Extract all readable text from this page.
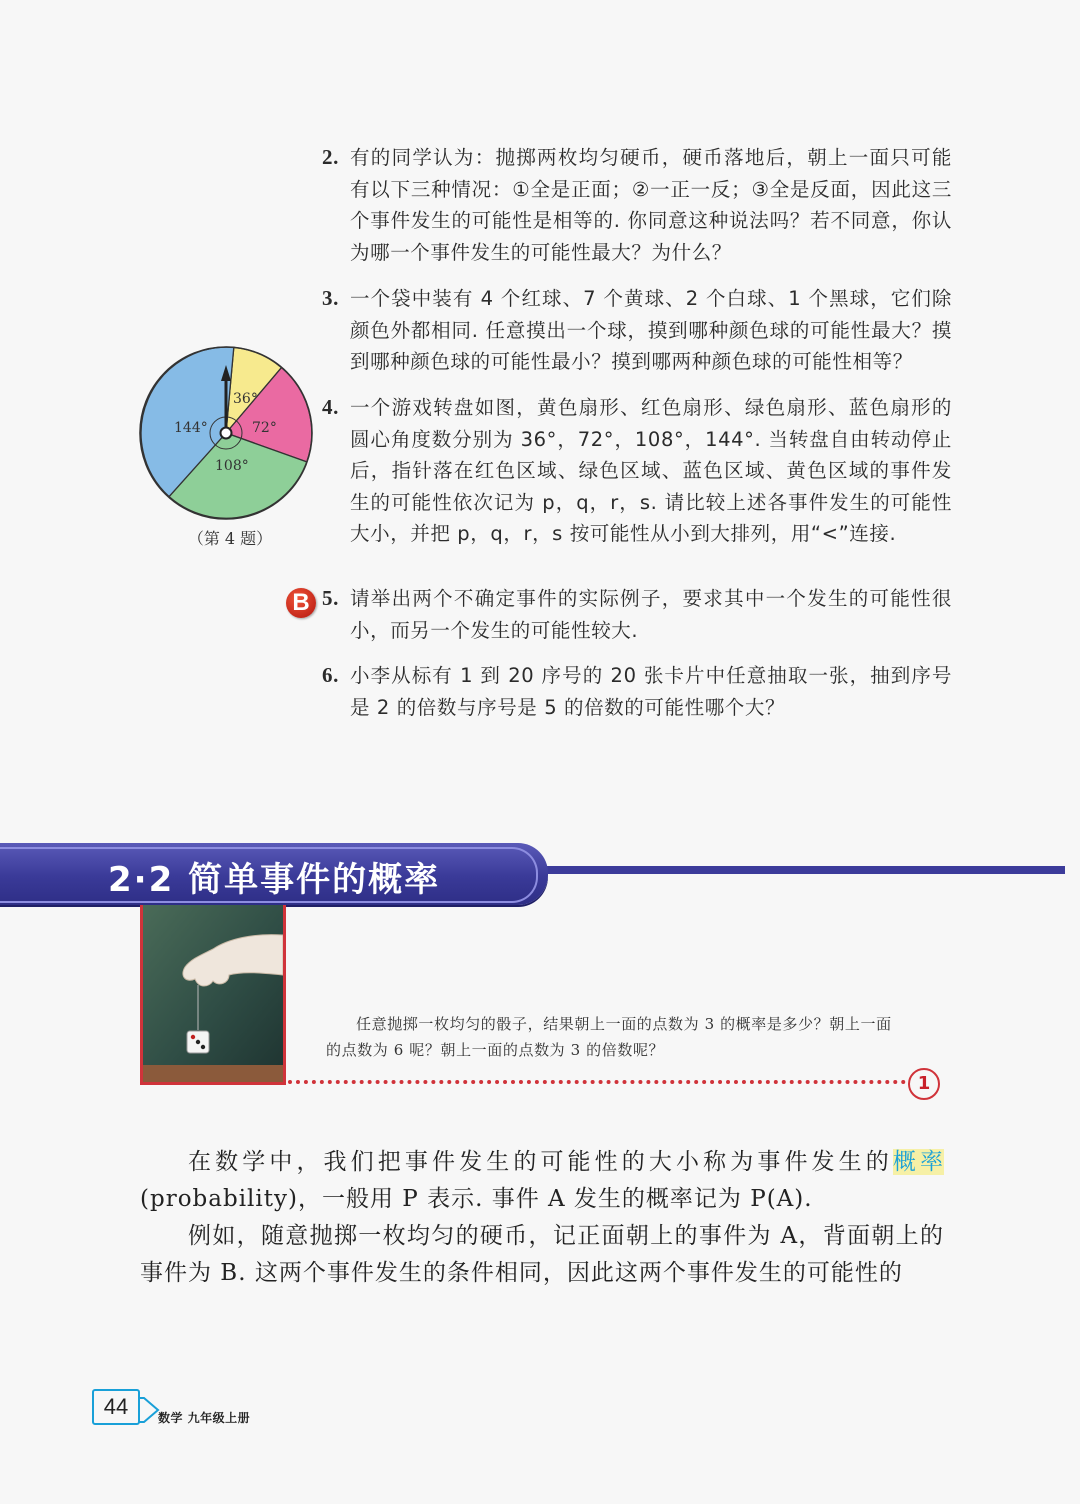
2. 有的同学认为：抛掷两枚均匀硬币，硬币落地后，朝上一面只可能有以下三种情况：①全是正面；②一正一反；③全是反面，因此这三个事件发生的可能性是相等的. 你同意这种说法吗？若不同意，你认为哪一个事件发生的可能性最大？为什么？
3. 一个袋中装有 4 个红球、7 个黄球、2 个白球、1 个黑球，它们除颜色外都相同. 任意摸出一个球，摸到哪种颜色球的可能性最大？摸到哪种颜色球的可能性最小？摸到哪两种颜色球的可能性相等？
4. 一个游戏转盘如图，黄色扇形、红色扇形、绿色扇形、蓝色扇形的圆心角度数分别为 36°，72°，108°，144°. 当转盘自由转动停止后，指针落在红色区域、绿色区域、蓝色区域、黄色区域的事件发生的可能性依次记为 p，q，r，s. 请比较上述各事件发生的可能性大小，并把 p，q，r，s 按可能性从小到大排列，用“<”连接.
B 5. 请举出两个不确定事件的实际例子，要求其中一个发生的可能性很小，而另一个发生的可能性较大.
6. 小李从标有 1 到 20 序号的 20 张卡片中任意抽取一张，抽到序号是 2 的倍数与序号是 5 的倍数的可能性哪个大？
36°
72°
108°
144°
（第 4 题）
2·2 简单事件的概率
任意抛掷一枚均匀的骰子，结果朝上一面的点数为 3 的概率是多少？朝上一面的点数为 6 呢？朝上一面的点数为 3 的倍数呢？
1
在数学中，我们把事件发生的可能性的大小称为事件发生的概率(probability)，一般用 P 表示. 事件 A 发生的概率记为 P(A).
例如，随意抛掷一枚均匀的硬币，记正面朝上的事件为 A，背面朝上的事件为 B. 这两个事件发生的条件相同，因此这两个事件发生的可能性的
44	数学 九年级上册
